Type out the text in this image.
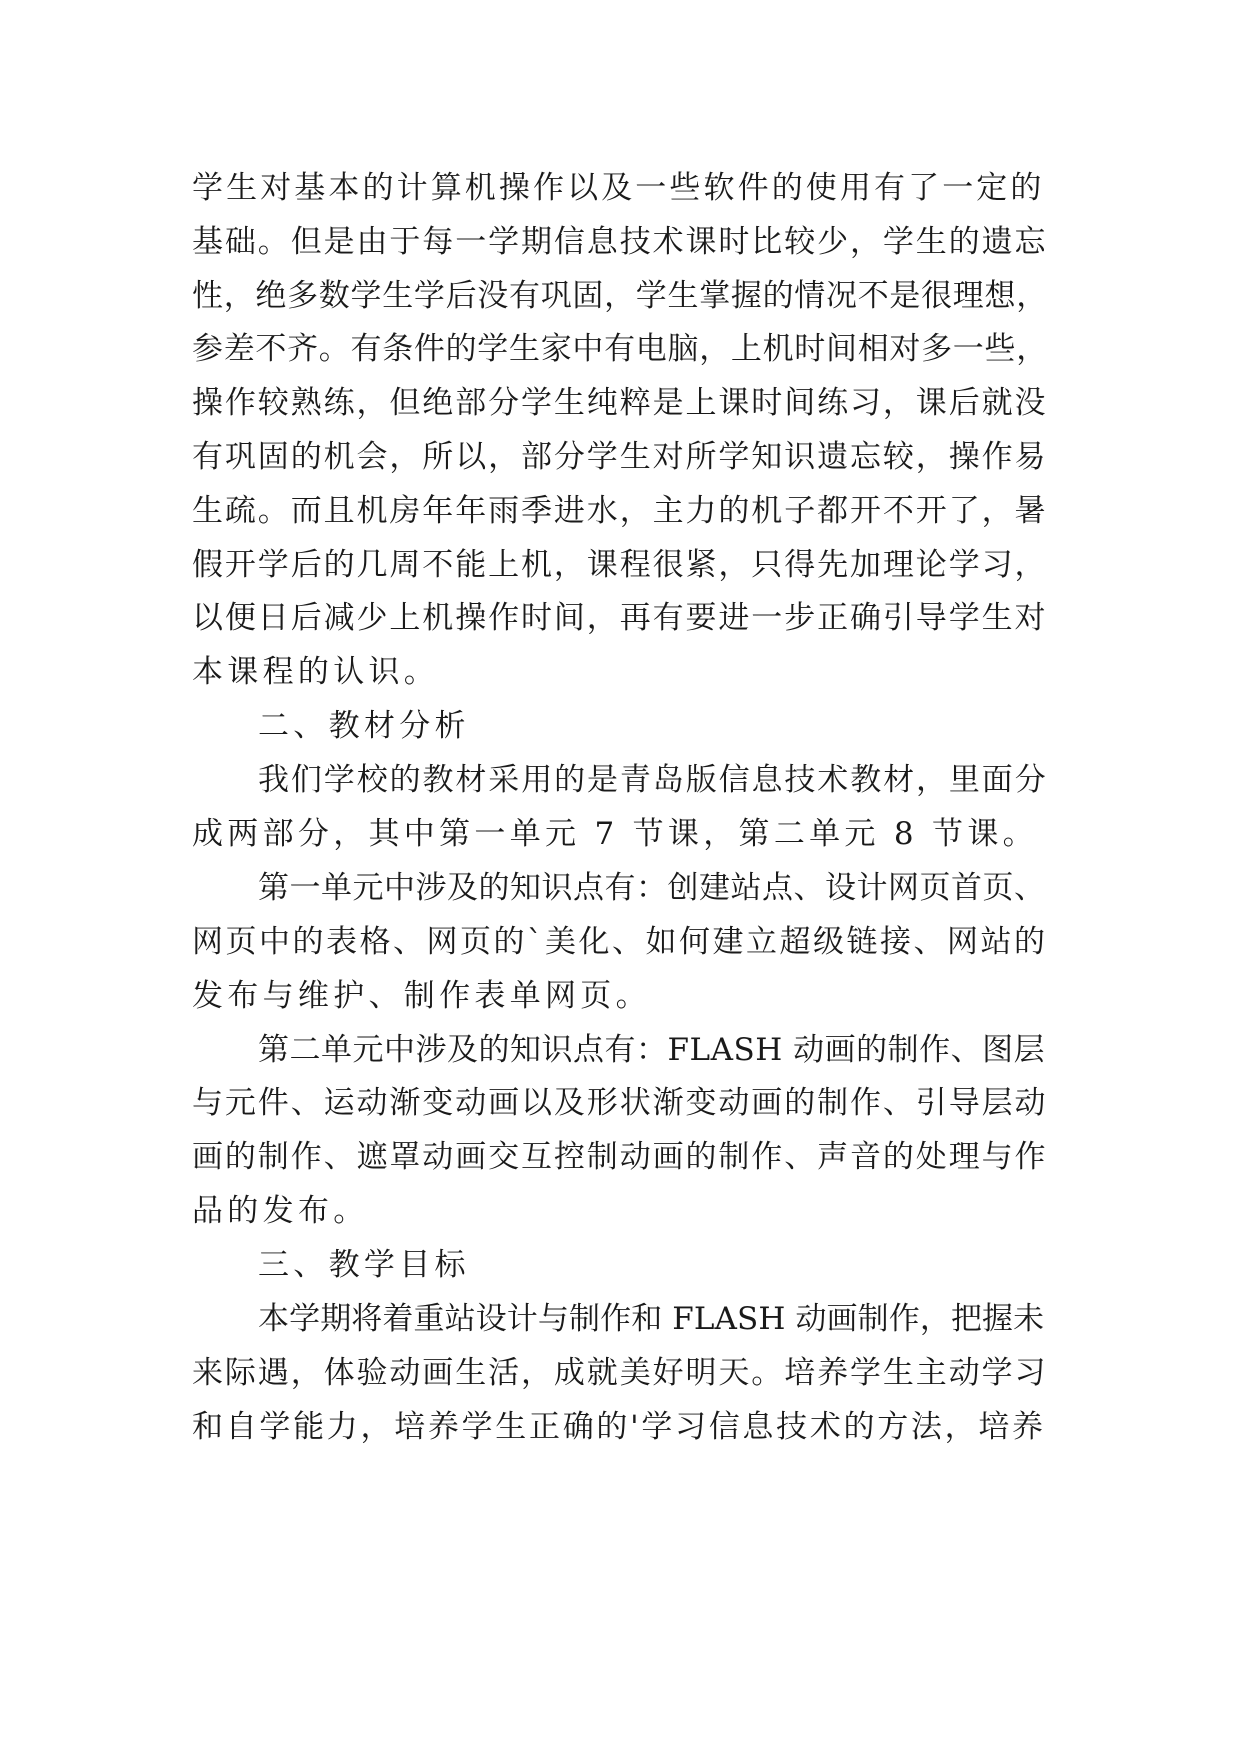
学生对基本的计算机操作以及一些软件的使用有了一定的
基础。但是由于每一学期信息技术课时比较少，学生的遗忘
性，绝多数学生学后没有巩固，学生掌握的情况不是很理想，
参差不齐。有条件的学生家中有电脑，上机时间相对多一些，
操作较熟练，但绝部分学生纯粹是上课时间练习，课后就没
有巩固的机会，所以，部分学生对所学知识遗忘较，操作易
生疏。而且机房年年雨季进水，主力的机子都开不开了，暑
假开学后的几周不能上机，课程很紧，只得先加理论学习，
以便日后减少上机操作时间，再有要进一步正确引导学生对
本课程的认识。
二、教材分析
我们学校的教材采用的是青岛版信息技术教材，里面分
成两部分，其中第一单元 7 节课，第二单元 8 节课。
第一单元中涉及的知识点有：创建站点、设计网页首页、
网页中的表格、网页的`美化、如何建立超级链接、网站的
发布与维护、制作表单网页。
第二单元中涉及的知识点有：FLASH 动画的制作、图层
与元件、运动渐变动画以及形状渐变动画的制作、引导层动
画的制作、遮罩动画交互控制动画的制作、声音的处理与作
品的发布。
三、教学目标
本学期将着重站设计与制作和 FLASH 动画制作，把握未
来际遇，体验动画生活，成就美好明天。培养学生主动学习
和自学能力，培养学生正确的'学习信息技术的方法，培养
